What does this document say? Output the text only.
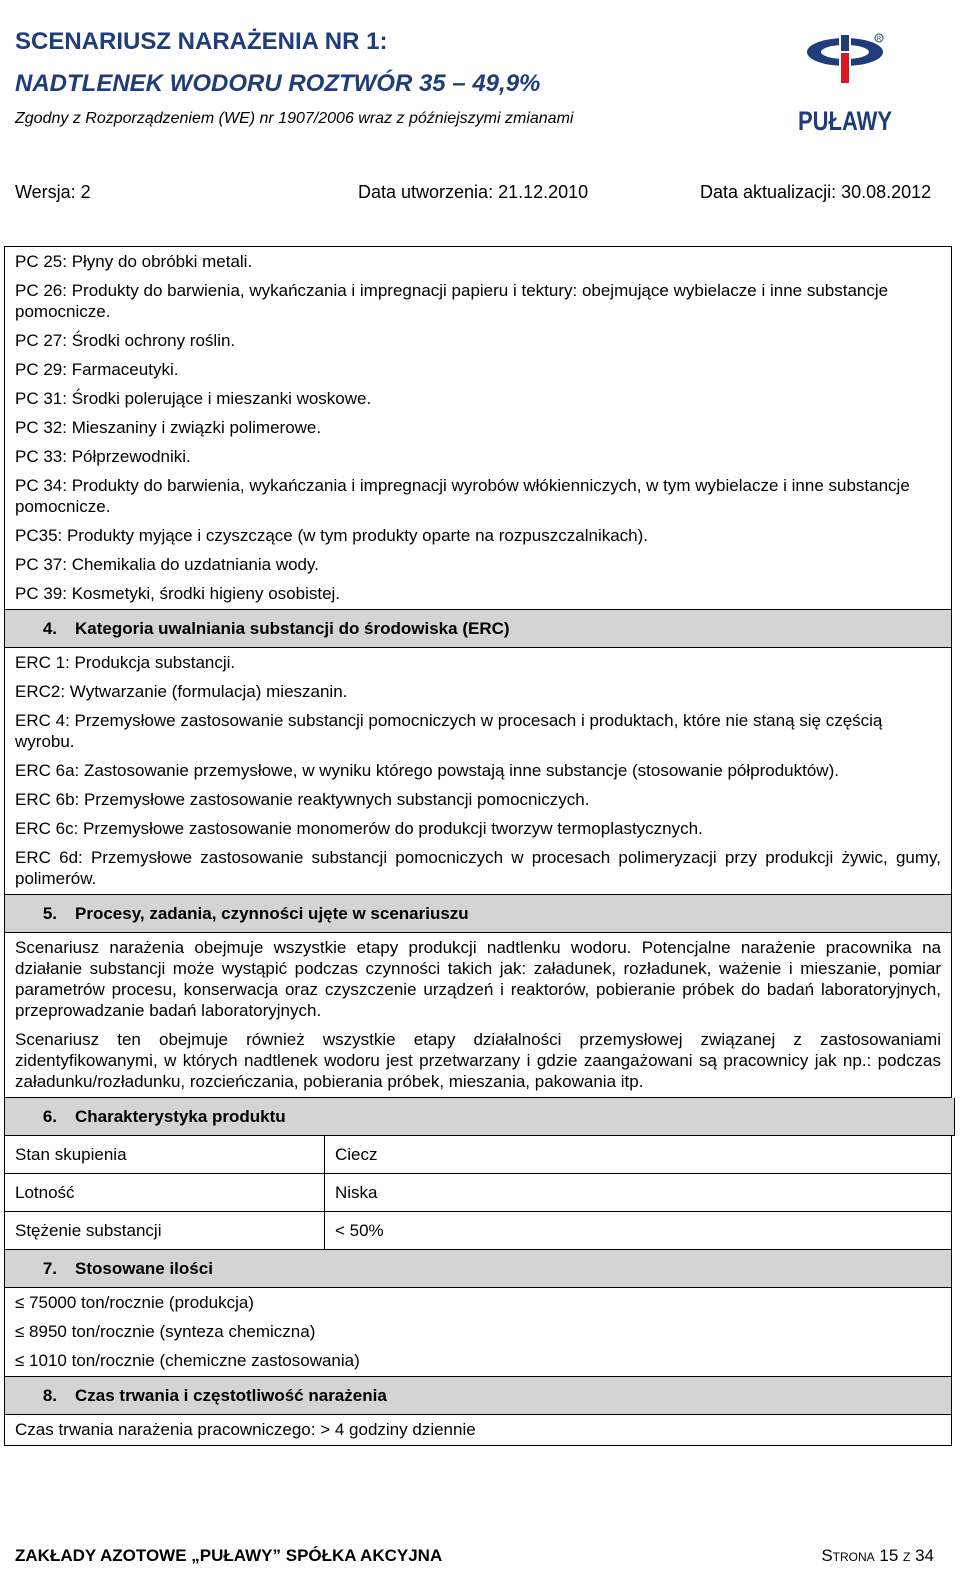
SCENARIUSZ NARAŻENIA NR 1:
NADTLENEK WODORU ROZTWÓR 35 – 49,9%
Zgodny z Rozporządzeniem (WE) nr 1907/2006 wraz z późniejszymi zmianami
R
PUŁAWY
Wersja: 2	Data utworzenia: 21.12.2010	Data aktualizacji: 30.08.2012
PC 25: Płyny do obróbki metali.
PC 26: Produkty do barwienia, wykańczania i impregnacji papieru i tektury: obejmujące wybielacze i inne substancje pomocnicze.
PC 27: Środki ochrony roślin.
PC 29: Farmaceutyki.
PC 31: Środki polerujące i mieszanki woskowe.
PC 32: Mieszaniny i związki polimerowe.
PC 33: Półprzewodniki.
PC 34: Produkty do barwienia, wykańczania i impregnacji wyrobów włókienniczych, w tym wybielacze i inne substancje pomocnicze.
PC35: Produkty myjące i czyszczące (w tym produkty oparte na rozpuszczalnikach).
PC 37: Chemikalia do uzdatniania wody.
PC 39: Kosmetyki, środki higieny osobistej.
4. Kategoria uwalniania substancji do środowiska (ERC)
ERC 1: Produkcja substancji.
ERC2: Wytwarzanie (formulacja) mieszanin.
ERC 4: Przemysłowe zastosowanie substancji pomocniczych w procesach i produktach, które nie staną się częścią wyrobu.
ERC 6a: Zastosowanie przemysłowe, w wyniku którego powstają inne substancje (stosowanie półproduktów).
ERC 6b: Przemysłowe zastosowanie reaktywnych substancji pomocniczych.
ERC 6c: Przemysłowe zastosowanie monomerów do produkcji tworzyw termoplastycznych.
ERC 6d: Przemysłowe zastosowanie substancji pomocniczych w procesach polimeryzacji przy produkcji żywic, gumy, polimerów.
5. Procesy, zadania, czynności ujęte w scenariuszu
Scenariusz narażenia obejmuje wszystkie etapy produkcji nadtlenku wodoru. Potencjalne narażenie pracownika na działanie substancji może wystąpić podczas czynności takich jak: załadunek, rozładunek, ważenie i mieszanie, pomiar parametrów procesu, konserwacja oraz czyszczenie urządzeń i reaktorów, pobieranie próbek do badań laboratoryjnych, przeprowadzanie badań laboratoryjnych.
Scenariusz ten obejmuje również wszystkie etapy działalności przemysłowej związanej z zastosowaniami zidentyfikowanymi, w których nadtlenek wodoru jest przetwarzany i gdzie zaangażowani są pracownicy jak np.: podczas załadunku/rozładunku, rozcieńczania, pobierania próbek, mieszania, pakowania itp.
6. Charakterystyka produktu
Stan skupienia	Ciecz
Lotność	Niska
Stężenie substancji	< 50%
7. Stosowane ilości
≤ 75000 ton/rocznie (produkcja)
≤ 8950 ton/rocznie (synteza chemiczna)
≤ 1010 ton/rocznie (chemiczne zastosowania)
8. Czas trwania i częstotliwość narażenia
Czas trwania narażenia pracowniczego: > 4 godziny dziennie
ZAKŁADY AZOTOWE „PUŁAWY” SPÓŁKA AKCYJNA	Strona 15 z 34
